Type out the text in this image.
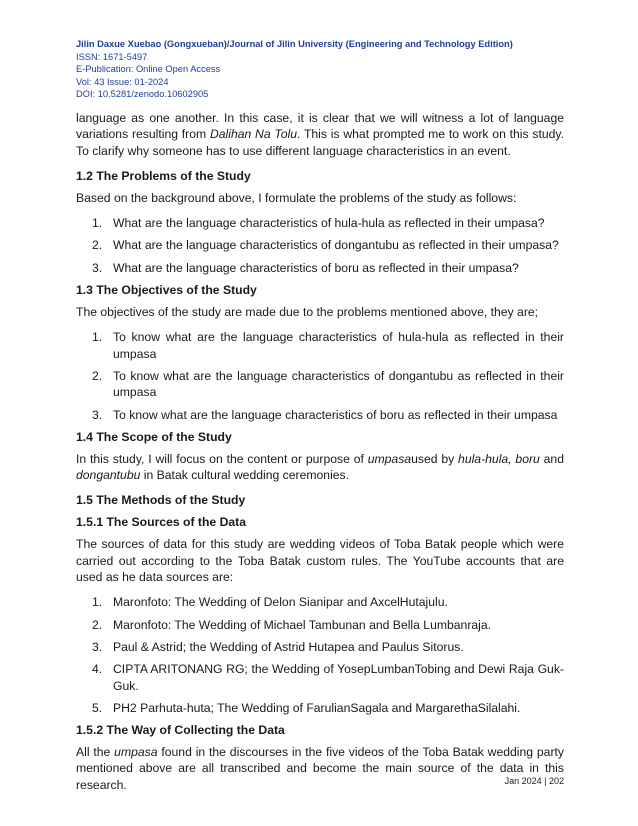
Jilin Daxue Xuebao (Gongxueban)/Journal of Jilin University (Engineering and Technology Edition)
ISSN: 1671-5497
E-Publication: Online Open Access
Vol: 43 Issue: 01-2024
DOI: 10.5281/zenodo.10602905

language as one another. In this case, it is clear that we will witness a lot of language variations resulting from Dalihan Na Tolu. This is what prompted me to work on this study. To clarify why someone has to use different language characteristics in an event.

1.2 The Problems of the Study

Based on the background above, I formulate the problems of the study as follows:

1. What are the language characteristics of hula-hula as reflected in their umpasa?
2. What are the language characteristics of dongantubu as reflected in their umpasa?
3. What are the language characteristics of boru as reflected in their umpasa?
1.3 The Objectives of the Study

The objectives of the study are made due to the problems mentioned above, they are;

1. To know what are the language characteristics of hula-hula as reflected in their umpasa
2. To know what are the language characteristics of dongantubu as reflected in their umpasa
3. To know what are the language characteristics of boru as reflected in their umpasa
1.4 The Scope of the Study

In this study, I will focus on the content or purpose of umpasaused by hula-hula, boru and dongantubu in Batak cultural wedding ceremonies.

1.5 The Methods of the Study
1.5.1 The Sources of the Data

The sources of data for this study are wedding videos of Toba Batak people which were carried out according to the Toba Batak custom rules. The YouTube accounts that are used as he data sources are:

1. Maronfoto: The Wedding of Delon Sianipar and AxcelHutajulu.
2. Maronfoto: The Wedding of Michael Tambunan and Bella Lumbanraja.
3. Paul & Astrid; the Wedding of Astrid Hutapea and Paulus Sitorus.
4. CIPTA ARITONANG RG; the Wedding of YosepLumbanTobing and Dewi Raja Guk-Guk.
5. PH2 Parhuta-huta; The Wedding of FarulianSagala and MargarethaSilalahi.
1.5.2 The Way of Collecting the Data

All the umpasa found in the discourses in the five videos of the Toba Batak wedding party mentioned above are all transcribed and become the main source of the data in this research.	Jan 2024 | 202
